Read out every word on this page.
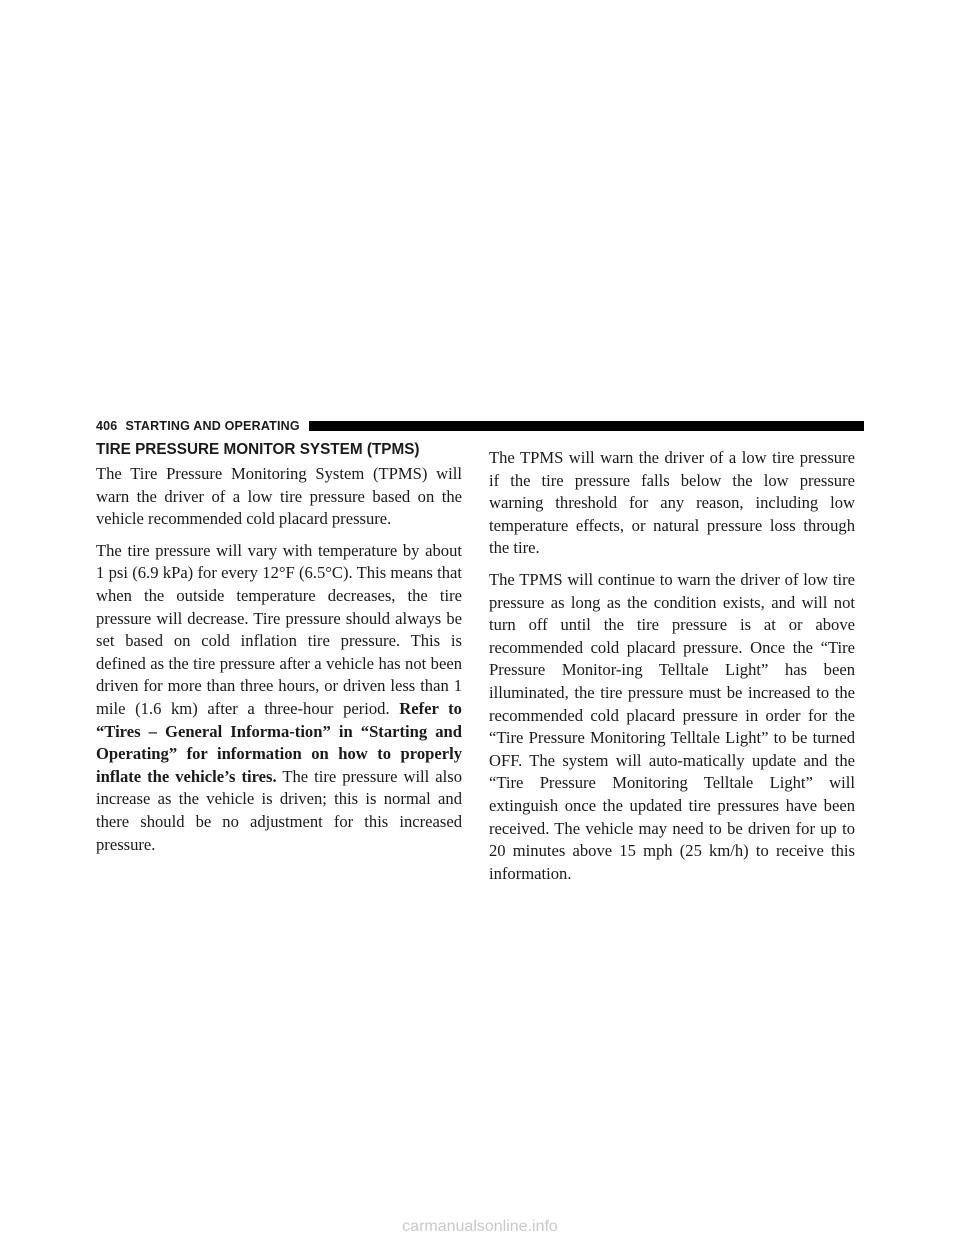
406 STARTING AND OPERATING
TIRE PRESSURE MONITOR SYSTEM (TPMS)

The Tire Pressure Monitoring System (TPMS) will warn the driver of a low tire pressure based on the vehicle recommended cold placard pressure.

The tire pressure will vary with temperature by about 1 psi (6.9 kPa) for every 12°F (6.5°C). This means that when the outside temperature decreases, the tire pressure will decrease. Tire pressure should always be set based on cold inflation tire pressure. This is defined as the tire pressure after a vehicle has not been driven for more than three hours, or driven less than 1 mile (1.6 km) after a three-hour period. Refer to “Tires – General Informa-tion” in “Starting and Operating” for information on how to properly inflate the vehicle’s tires. The tire pressure will also increase as the vehicle is driven; this is normal and there should be no adjustment for this increased pressure.

The TPMS will warn the driver of a low tire pressure if the tire pressure falls below the low pressure warning threshold for any reason, including low temperature effects, or natural pressure loss through the tire.

The TPMS will continue to warn the driver of low tire pressure as long as the condition exists, and will not turn off until the tire pressure is at or above recommended cold placard pressure. Once the “Tire Pressure Monitor-ing Telltale Light” has been illuminated, the tire pressure must be increased to the recommended cold placard pressure in order for the “Tire Pressure Monitoring Telltale Light” to be turned OFF. The system will auto-matically update and the “Tire Pressure Monitoring Telltale Light” will extinguish once the updated tire pressures have been received. The vehicle may need to be driven for up to 20 minutes above 15 mph (25 km/h) to receive this information.

carmanualsonline.info
